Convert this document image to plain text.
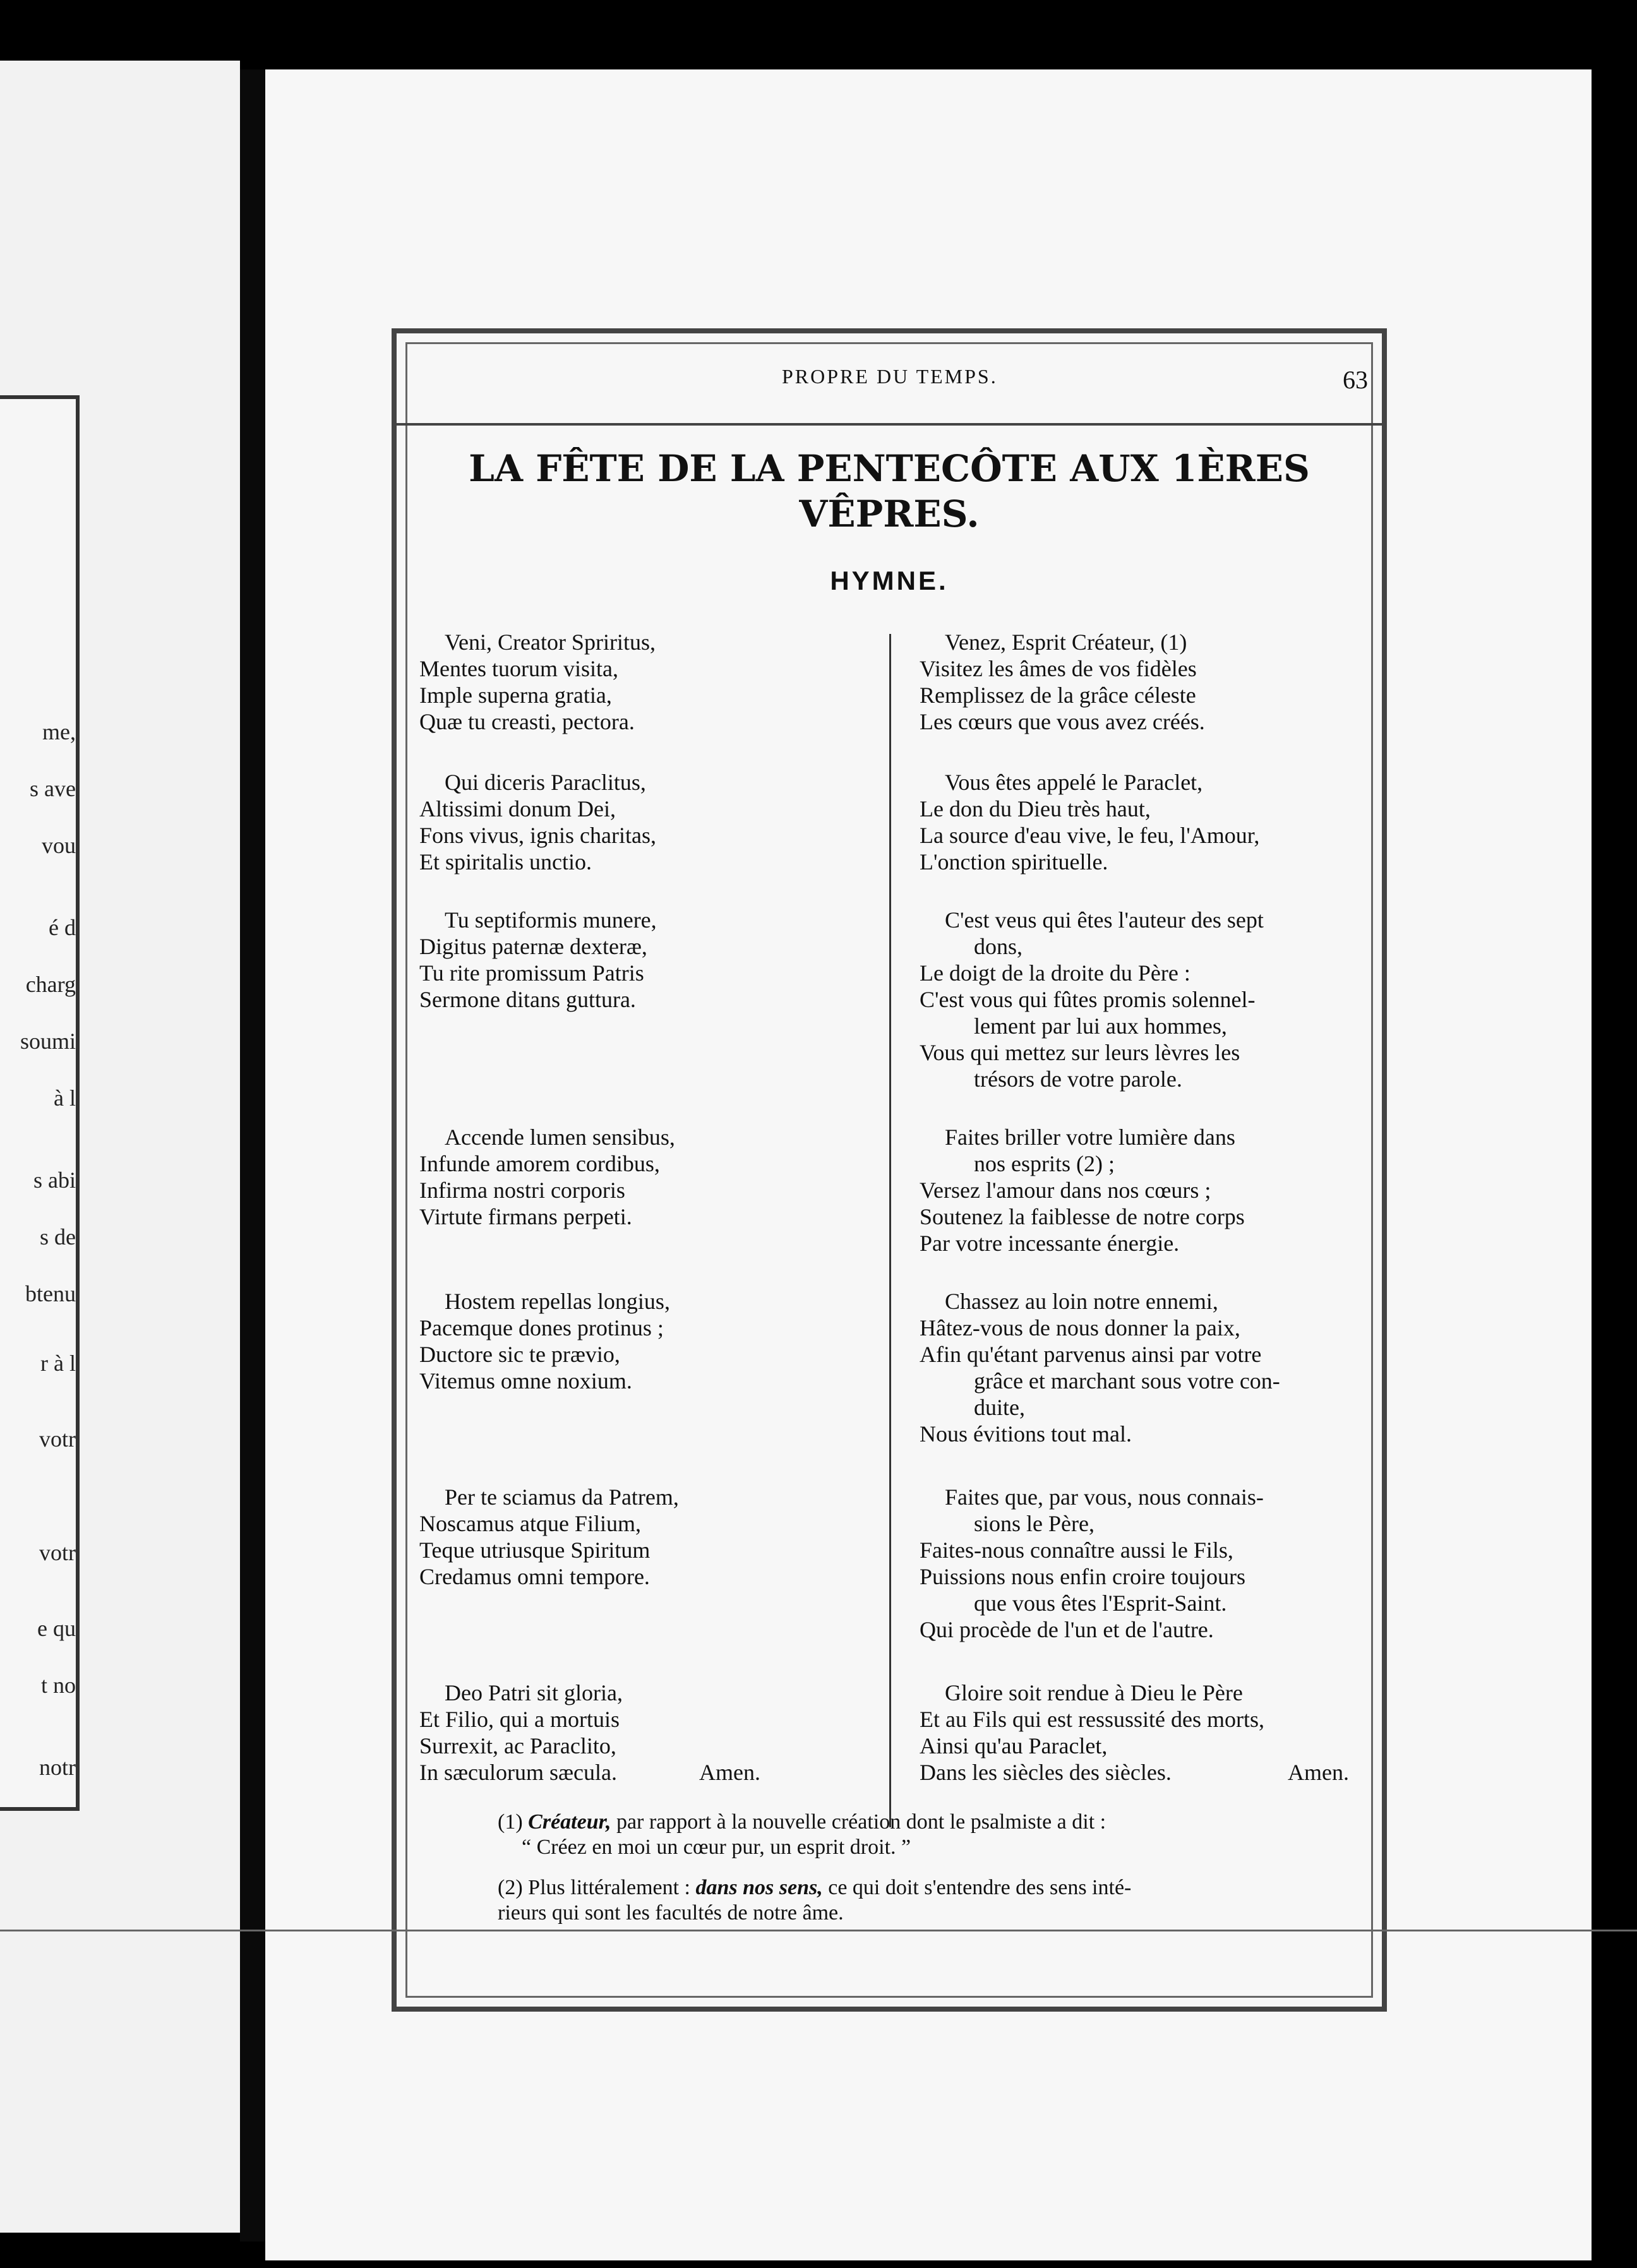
me,
s ave
vou
é d
charg
soumi
à l
s abi
s de
btenu
r à l
votr
votr
e qu
t no
notr
PROPRE DU TEMPS.	63
LA FÊTE DE LA PENTECÔTE AUX 1ÈRES
VÊPRES.
HYMNE.
Veni, Creator Spriritus,
Mentes tuorum visita,
Imple superna gratia,
Quæ tu creasti, pectora.
Qui diceris Paraclitus,
Altissimi donum Dei,
Fons vivus, ignis charitas,
Et spiritalis unctio.
Tu septiformis munere,
Digitus paternæ dexteræ,
Tu rite promissum Patris
Sermone ditans guttura.
Accende lumen sensibus,
Infunde amorem cordibus,
Infirma nostri corporis
Virtute firmans perpeti.
Hostem repellas longius,
Pacemque dones protinus ;
Ductore sic te prævio,
Vitemus omne noxium.
Per te sciamus da Patrem,
Noscamus atque Filium,
Teque utriusque Spiritum
Credamus omni tempore.
Deo Patri sit gloria,
Et Filio, qui a mortuis
Surrexit, ac Paraclito,
In sæculorum sæcula.	Amen.
Venez, Esprit Créateur, (1)
Visitez les âmes de vos fidèles
Remplissez de la grâce céleste
Les cœurs que vous avez créés.
Vous êtes appelé le Paraclet,
Le don du Dieu très haut,
La source d'eau vive, le feu, l'Amour,
L'onction spirituelle.
C'est veus qui êtes l'auteur des sept
dons,
Le doigt de la droite du Père :
C'est vous qui fûtes promis solennel-
lement par lui aux hommes,
Vous qui mettez sur leurs lèvres les
trésors de votre parole.
Faites briller votre lumière dans
nos esprits (2) ;
Versez l'amour dans nos cœurs ;
Soutenez la faiblesse de notre corps
Par votre incessante énergie.
Chassez au loin notre ennemi,
Hâtez-vous de nous donner la paix,
Afin qu'étant parvenus ainsi par votre
grâce et marchant sous votre con-
duite,
Nous évitions tout mal.
Faites que, par vous, nous connais-
sions le Père,
Faites-nous connaître aussi le Fils,
Puissions nous enfin croire toujours
que vous êtes l'Esprit-Saint.
Qui procède de l'un et de l'autre.
Gloire soit rendue à Dieu le Père
Et au Fils qui est ressussité des morts,
Ainsi qu'au Paraclet,
Dans les siècles des siècles.	Amen.

(1) Créateur, par rapport à la nouvelle création dont le psalmiste a dit :
“ Créez en moi un cœur pur, un esprit droit. ”

(2) Plus littéralement : dans nos sens, ce qui doit s'entendre des sens inté-
rieurs qui sont les facultés de notre âme.
